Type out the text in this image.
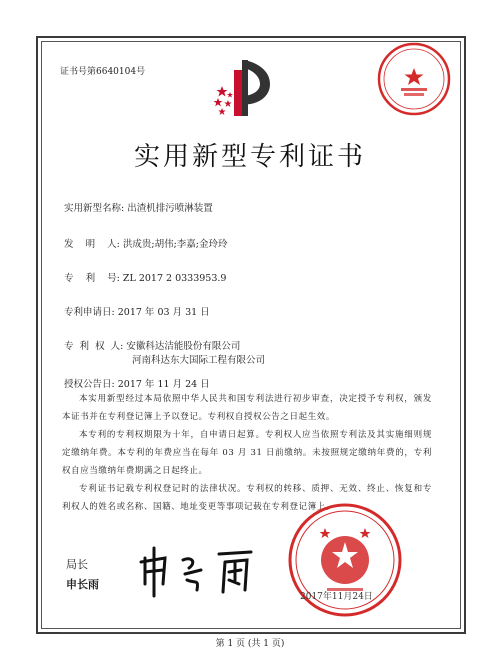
证书号第6640104号
实用新型专利证书
实用新型名称: 出渣机排污喷淋装置
发    明    人: 洪成贵;胡伟;李嘉;金玲玲
专    利    号: ZL 2017 2 0333953.9
专利申请日: 2017 年 03 月 31 日
专  利  权  人: 安徽科达洁能股份有限公司
河南科达东大国际工程有限公司
授权公告日: 2017 年 11 月 24 日

本实用新型经过本局依照中华人民共和国专利法进行初步审查，决定授予专利权，颁发本证书并在专利登记簿上予以登记。专利权自授权公告之日起生效。

本专利的专利权期限为十年，自申请日起算。专利权人应当依照专利法及其实施细则规定缴纳年费。本专利的年费应当在每年 03 月 31 日前缴纳。未按照规定缴纳年费的，专利权自应当缴纳年费期满之日起终止。

专利证书记载专利权登记时的法律状况。专利权的转移、质押、无效、终止、恢复和专利权人的姓名或名称、国籍、地址变更等事项记载在专利登记簿上。

2017年11月24日
局长
申长雨
第 1 页 (共 1 页)
